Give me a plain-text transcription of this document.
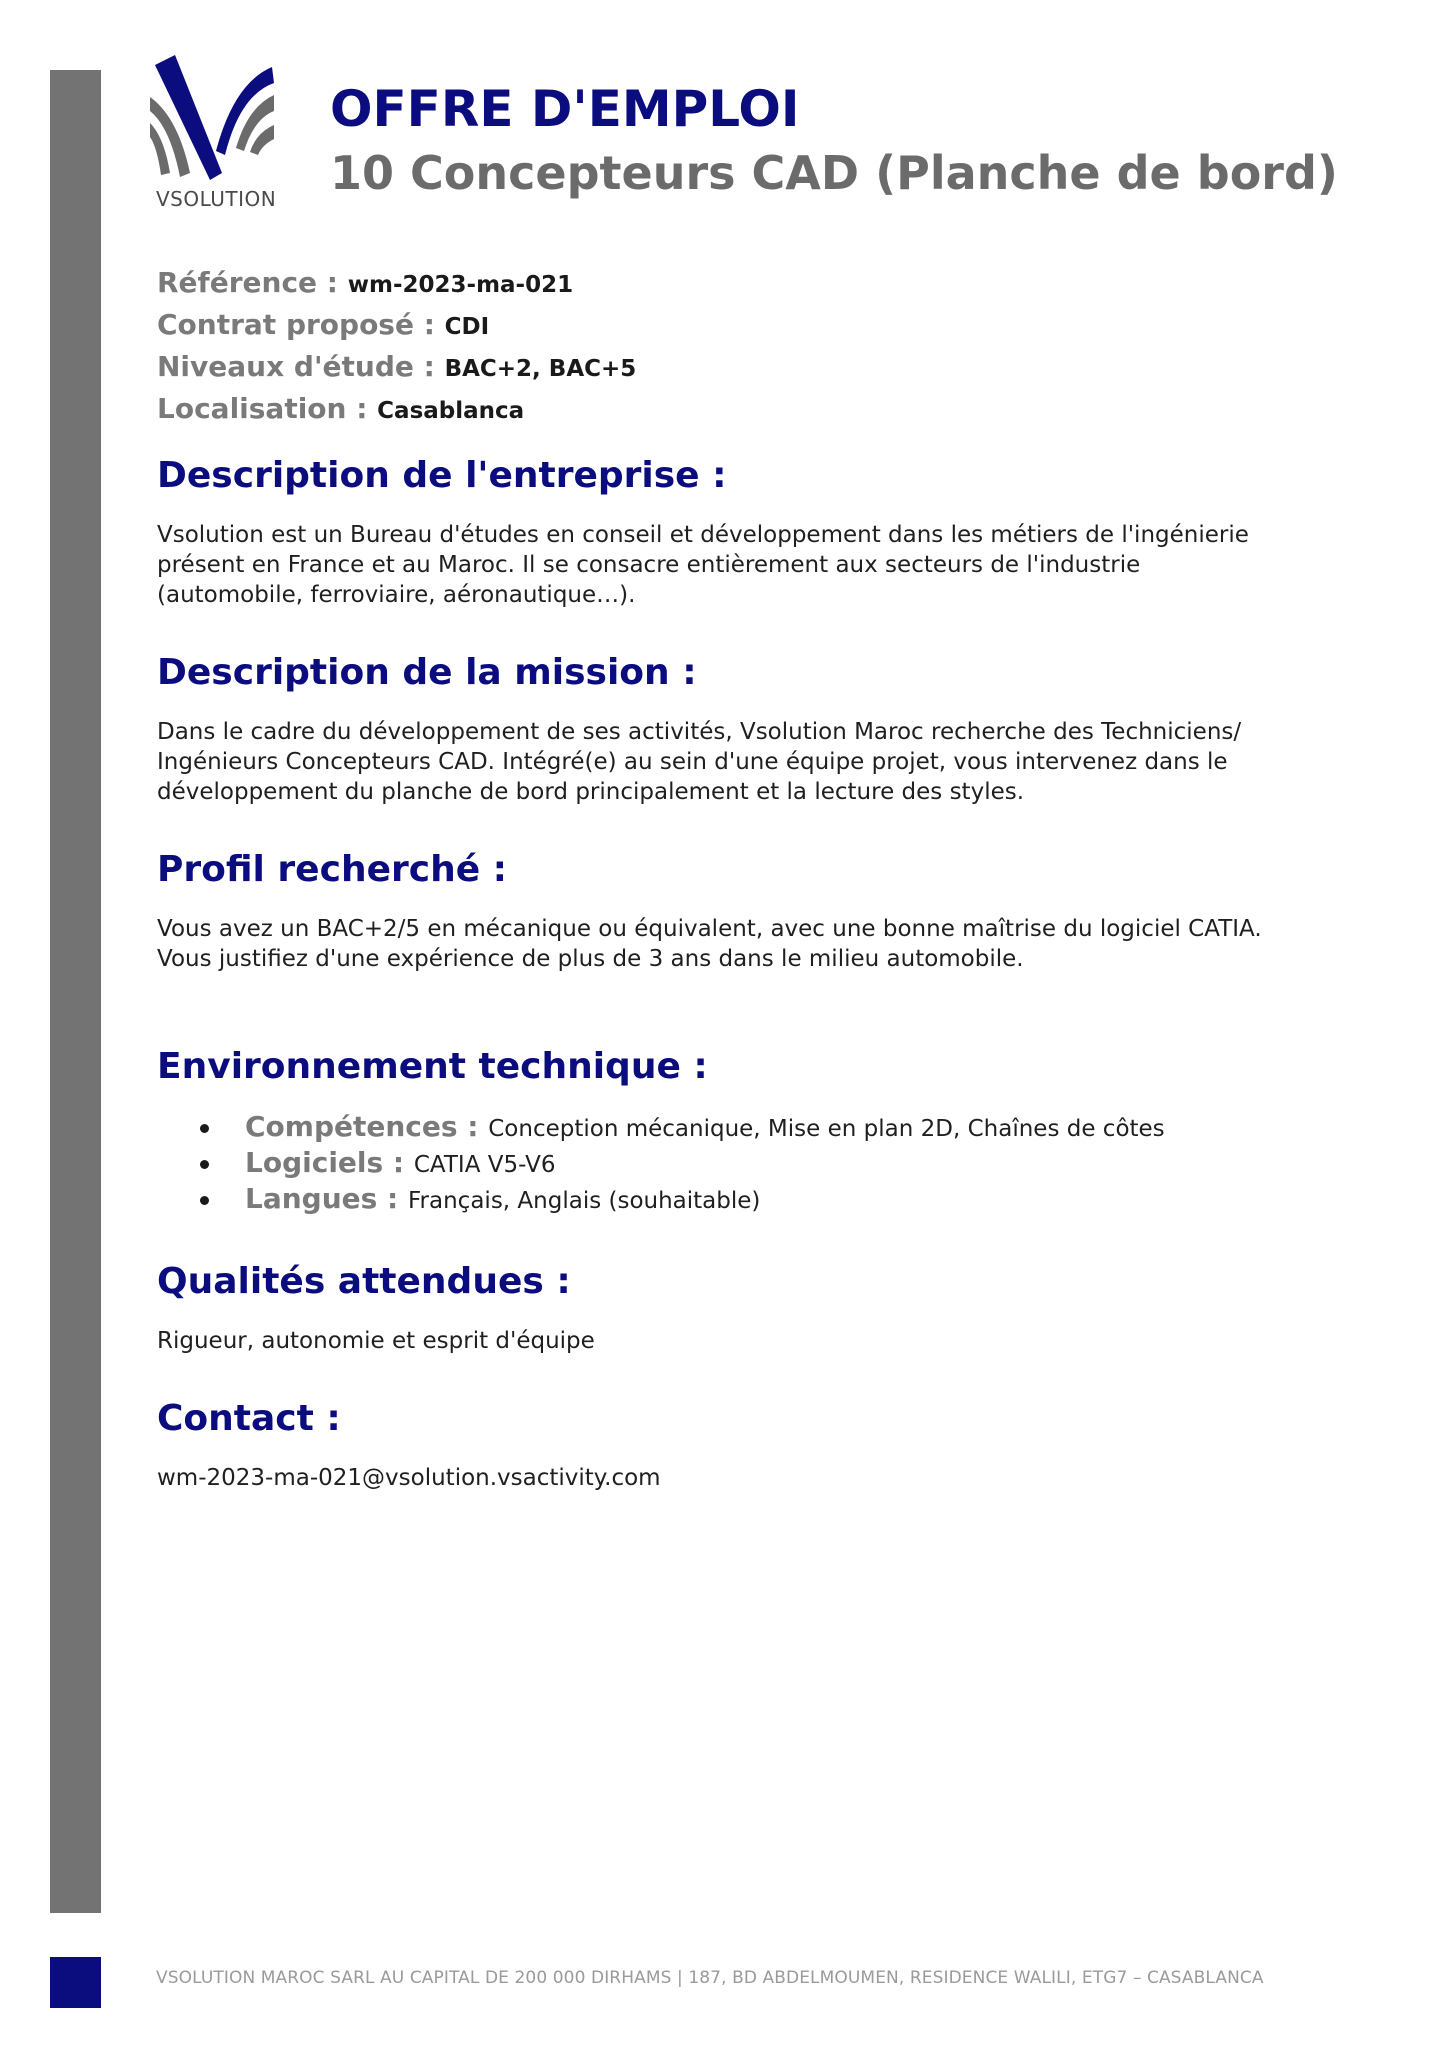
VSOLUTION
OFFRE D'EMPLOI
10 Concepteurs CAD (Planche de bord)
Référence : wm-2023-ma-021
Contrat proposé : CDI
Niveaux d'étude : BAC+2, BAC+5
Localisation : Casablanca
Description de l'entreprise :

Vsolution est un Bureau d'études en conseil et développement dans les métiers de l'ingénierie
présent en France et au Maroc. Il se consacre entièrement aux secteurs de l'industrie
(automobile, ferroviaire, aéronautique…).

Description de la mission :

Dans le cadre du développement de ses activités, Vsolution Maroc recherche des Techniciens/
Ingénieurs Concepteurs CAD. Intégré(e) au sein d'une équipe projet, vous intervenez dans le
développement du planche de bord principalement et la lecture des styles.

Profil recherché :

Vous avez un BAC+2/5 en mécanique ou équivalent, avec une bonne maîtrise du logiciel CATIA.
Vous justifiez d'une expérience de plus de 3 ans dans le milieu automobile.

Environnement technique :
Compétences : Conception mécanique, Mise en plan 2D, Chaînes de côtes
Logiciels : CATIA V5-V6
Langues : Français, Anglais (souhaitable)
Qualités attendues :

Rigueur, autonomie et esprit d'équipe

Contact :

wm-2023-ma-021@vsolution.vsactivity.com

VSOLUTION MAROC SARL AU CAPITAL DE 200 000 DIRHAMS | 187, BD ABDELMOUMEN, RESIDENCE WALILI, ETG7 – CASABLANCA
